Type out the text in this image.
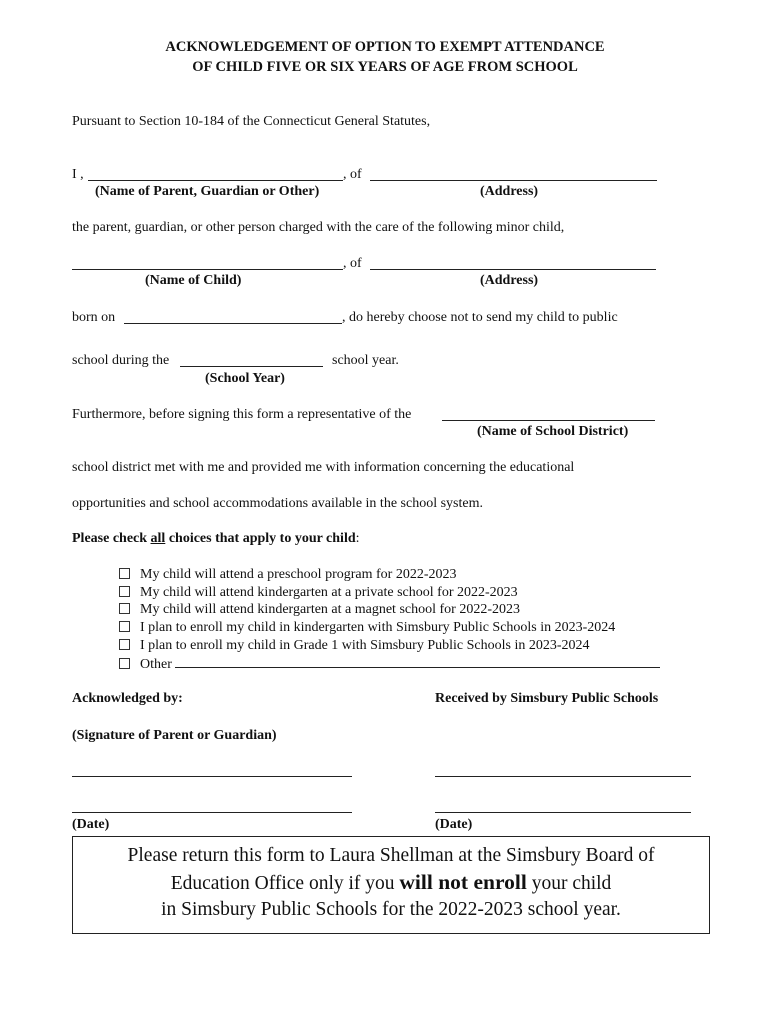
ACKNOWLEDGEMENT OF OPTION TO EXEMPT ATTENDANCE
OF CHILD FIVE OR SIX YEARS OF AGE FROM SCHOOL
Pursuant to Section 10-184 of the Connecticut General Statutes,
I ,	, of
(Name of Parent, Guardian or Other)	(Address)
the parent, guardian, or other person charged with the care of the following minor child,
, of
(Name of Child)	(Address)
born on	, do hereby choose not to send my child to public
school during the	school year.
(School Year)
Furthermore, before signing this form a representative of the
(Name of School District)
school district met with me and provided me with information concerning the educational
opportunities and school accommodations available in the school system.
Please check all choices that apply to your child:
My child will attend a preschool program for 2022-2023
My child will attend kindergarten at a private school for 2022-2023
My child will attend kindergarten at a magnet school for 2022-2023
I plan to enroll my child in kindergarten with Simsbury Public Schools in 2023-2024
I plan to enroll my child in Grade 1 with Simsbury Public Schools in 2023-2024
Other
Acknowledged by:	Received by Simsbury Public Schools
(Signature of Parent or Guardian)
(Date)	(Date)
Please return this form to Laura Shellman at the Simsbury Board of
Education Office only if you will not enroll your child
in Simsbury Public Schools for the 2022-2023 school year.
